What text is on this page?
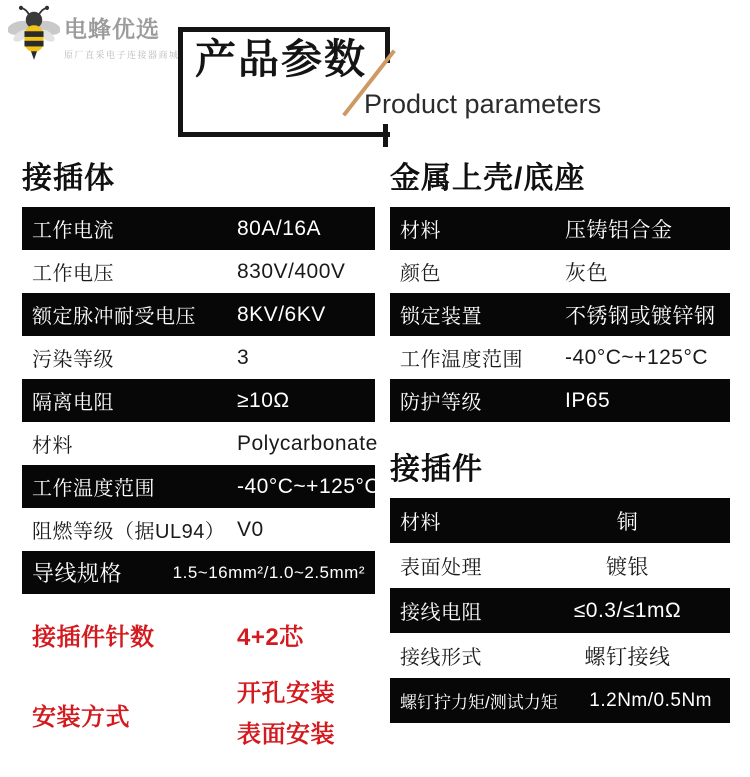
电蜂优选
原厂直采电子连接器商城 产品参数
Product parameters
接插体
工作电流	80A/16A
工作电压	830V/400V
额定脉冲耐受电压	8KV/6KV
污染等级	3
隔离电阻	≥10Ω
材料	Polycarbonate
工作温度范围	-40°C~+125°C
阻燃等级（据UL94） V0
导线规格	1.5~16mm²/1.0~2.5mm²
接插件针数	4+2芯
安装方式
开孔安装
表面安装
金属上壳/底座
材料	压铸铝合金
颜色	灰色
锁定装置	不锈钢或镀锌钢
工作温度范围	-40°C~+125°C
防护等级	IP65
接插件
材料	铜
表面处理	镀银
接线电阻	≤0.3/≤1mΩ
接线形式	螺钉接线
螺钉拧力矩/测试力矩 1.2Nm/0.5Nm
